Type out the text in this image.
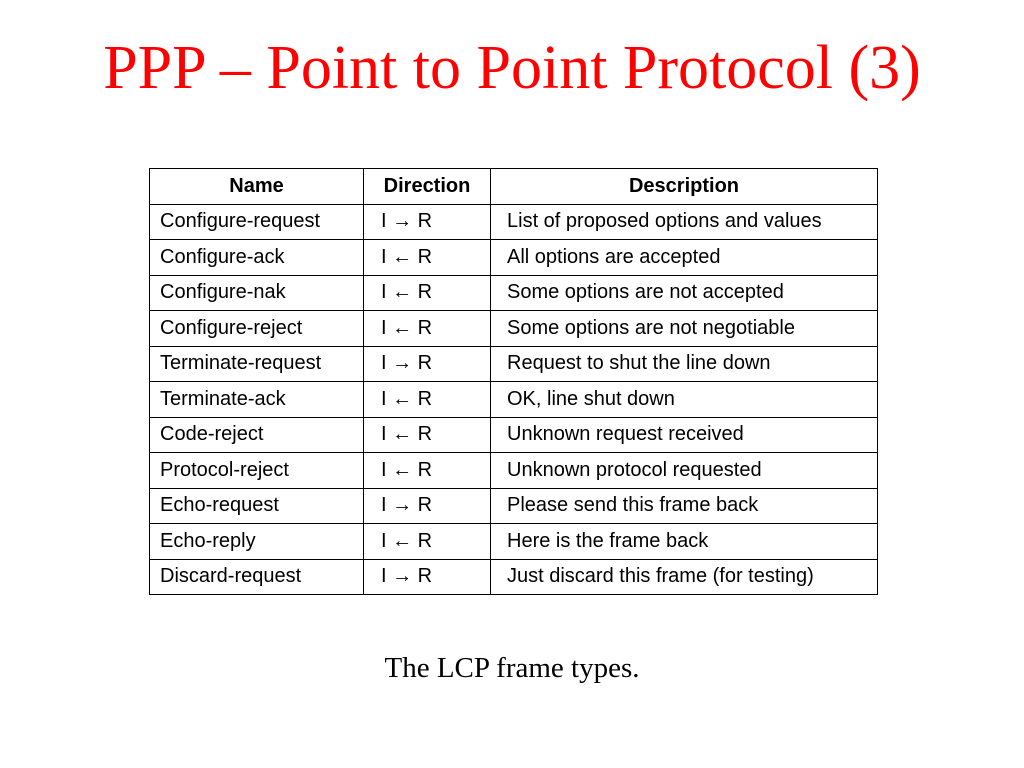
PPP – Point to Point Protocol (3)
Name	Direction	Description
Configure-request	I → R	List of proposed options and values
Configure-ack	I ← R	All options are accepted
Configure-nak	I ← R	Some options are not accepted
Configure-reject	I ← R	Some options are not negotiable
Terminate-request	I → R	Request to shut the line down
Terminate-ack	I ← R	OK, line shut down
Code-reject	I ← R	Unknown request received
Protocol-reject	I ← R	Unknown protocol requested
Echo-request	I → R	Please send this frame back
Echo-reply	I ← R	Here is the frame back
Discard-request	I → R	Just discard this frame (for testing)
The LCP frame types.
